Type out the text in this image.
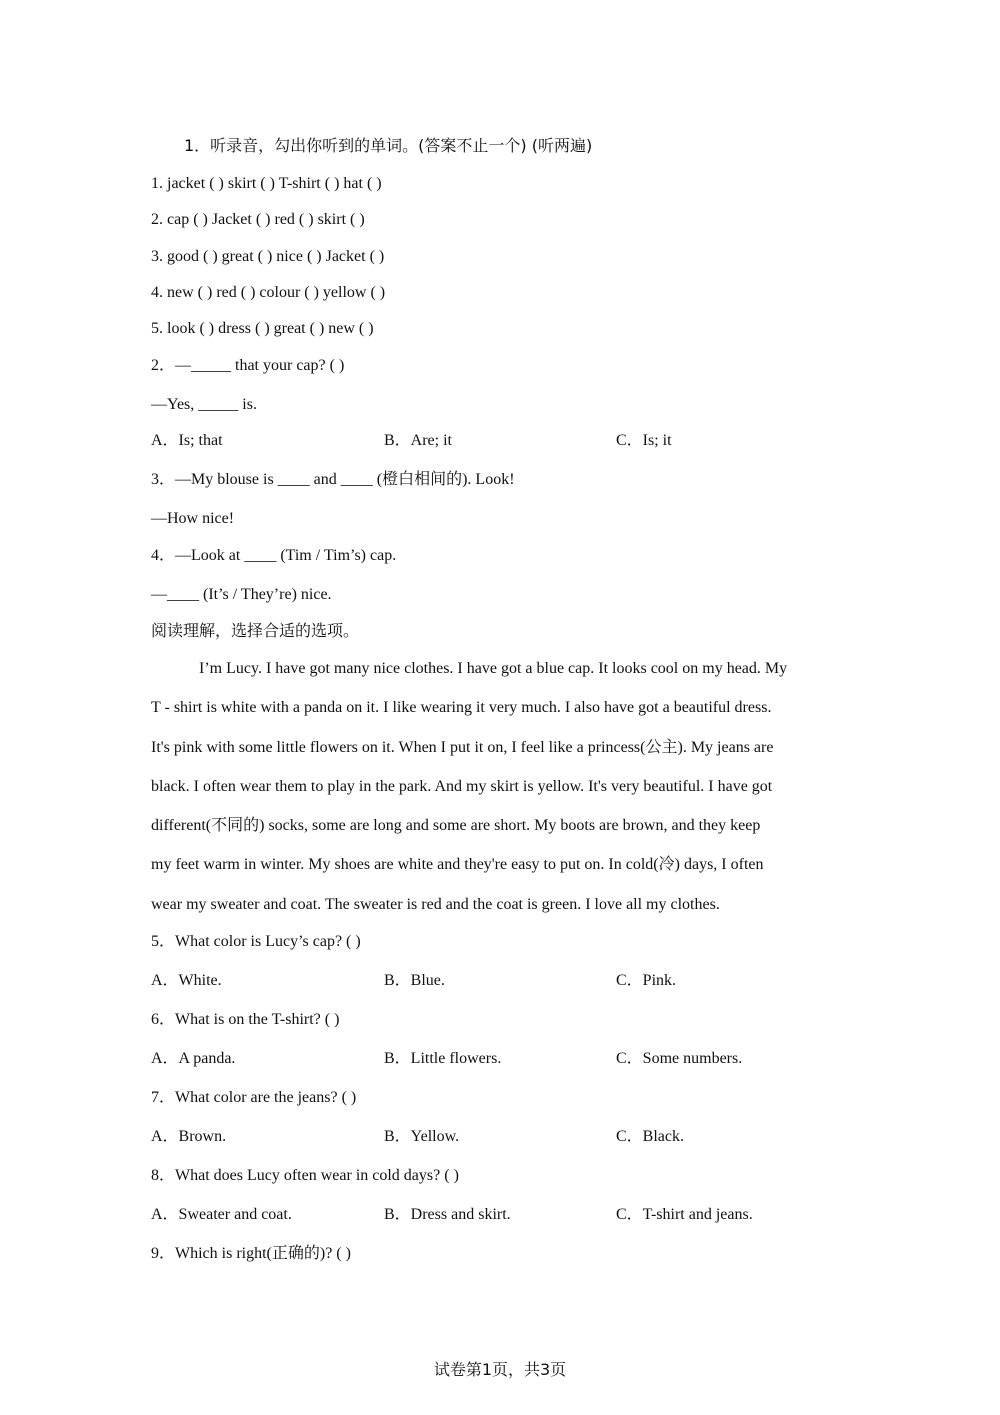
1．听录音，勾出你听到的单词。(答案不止一个) (听两遍)
1. jacket ( ) skirt ( ) T-shirt ( ) hat ( )
2. cap ( ) Jacket ( ) red ( ) skirt ( )
3. good ( ) great ( ) nice ( ) Jacket ( )
4. new ( ) red ( ) colour ( ) yellow ( )
5. look ( ) dress ( ) great ( ) new ( )
2．—_____ that your cap? ( )
—Yes, _____ is.
A．Is; that	B．Are; it	C．Is; it
3．—My blouse is ____ and ____ (橙白相间的). Look!
—How nice!
4．—Look at ____ (Tim / Tim’s) cap.
—____ (It’s / They’re) nice.
阅读理解，选择合适的选项。
I’m Lucy. I have got many nice clothes. I have got a blue cap. It looks cool on my head. My
T - shirt is white with a panda on it. I like wearing it very much. I also have got a beautiful dress.
It's pink with some little flowers on it. When I put it on, I feel like a princess(公主). My jeans are
black. I often wear them to play in the park. And my skirt is yellow. It's very beautiful. I have got
different(不同的) socks, some are long and some are short. My boots are brown, and they keep
my feet warm in winter. My shoes are white and they're easy to put on. In cold(冷) days, I often
wear my sweater and coat. The sweater is red and the coat is green. I love all my clothes.
5．What color is Lucy’s cap? ( )
A．White.	B．Blue.	C．Pink.
6．What is on the T-shirt? ( )
A．A panda.	B．Little flowers.	C．Some numbers.
7．What color are the jeans? ( )
A．Brown.	B．Yellow.	C．Black.
8．What does Lucy often wear in cold days? ( )
A．Sweater and coat.	B．Dress and skirt.	C．T-shirt and jeans.
9．Which is right(正确的)? ( )
试卷第1页，共3页
